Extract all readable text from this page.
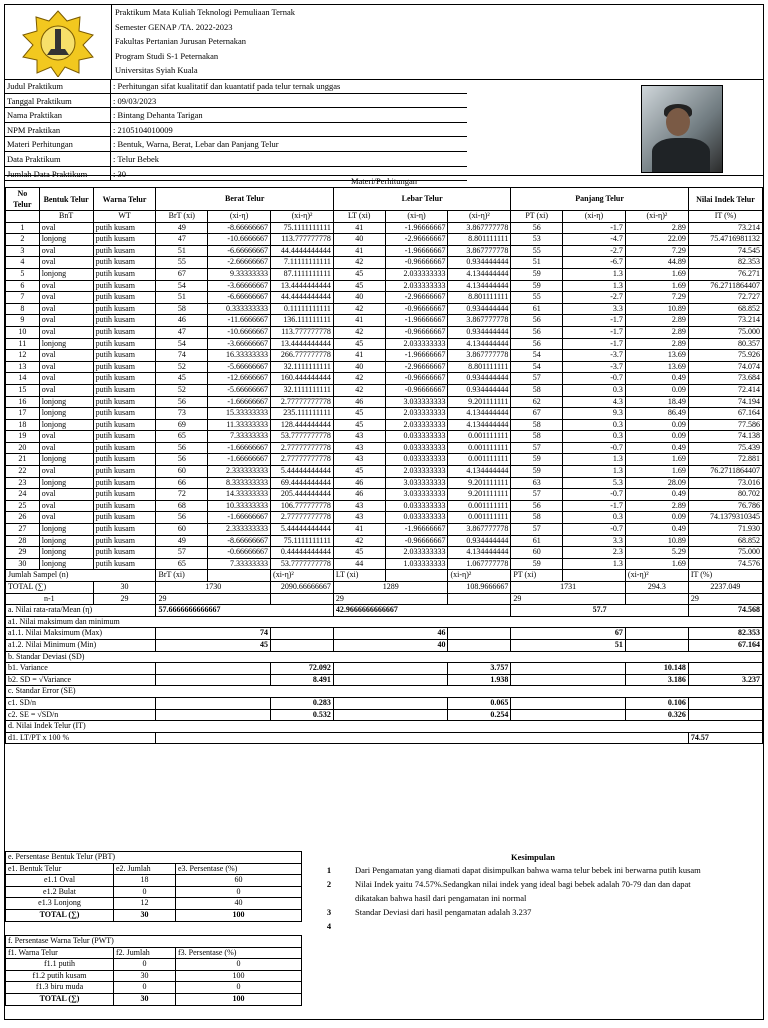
Praktikum Mata Kuliah Teknologi Pemuliaan Ternak
Semester GENAP /TA. 2022-2023
Fakultas Pertanian Jurusan Peternakan
Program Studi S-1 Peternakan
Universitas Syiah Kuala
Judul Praktikum	: Perhitungan sifat kualitatif dan kuantatif pada telur ternak unggas
Tanggal Praktikum	: 09/03/2023
Nama Praktikan	: Bintang Dehanta Tarigan
NPM Praktikan	: 2105104010009
Materi Perhitungan	: Bentuk, Warna, Berat, Lebar dan Panjang Telur
Data Praktikum	: Telur Bebek
Jumlah Data Praktikum	: 30
Materi/Perhitungan
No Telur	Bentuk Telur	Warna Telur	Berat Telur			Lebar Telur			Panjang Telur			Nilai Indek Telur

	BnT	WT	BrT (xi)	(xi-η)	(xi-η)²	LT (xi)	(xi-η)	(xi-η)²	PT (xi)	(xi-η)	(xi-η)²	IT (%)
1	oval	putih kusam	49	-8.66666667	75.1111111111	41	-1.96666667	3.867777778	56	-1.7	2.89	73.214
2	lonjong	putih kusam	47	-10.6666667	113.777777778	40	-2.96666667	8.801111111	53	-4.7	22.09	75.4716981132
3	oval	putih kusam	51	-6.66666667	44.4444444444	41	-1.96666667	3.867777778	55	-2.7	7.29	74.545
4	oval	putih kusam	55	-2.66666667	7.11111111111	42	-0.96666667	0.934444444	51	-6.7	44.89	82.353
5	lonjong	putih kusam	67	9.33333333	87.1111111111	45	2.033333333	4.134444444	59	1.3	1.69	76.271
6	oval	putih kusam	54	-3.66666667	13.4444444444	45	2.033333333	4.134444444	59	1.3	1.69	76.2711864407
7	oval	putih kusam	51	-6.66666667	44.4444444444	40	-2.96666667	8.801111111	55	-2.7	7.29	72.727
8	oval	putih kusam	58	0.333333333	0.11111111111	42	-0.96666667	0.934444444	61	3.3	10.89	68.852
9	oval	putih kusam	46	-11.6666667	136.111111111	41	-1.96666667	3.867777778	56	-1.7	2.89	73.214
10	oval	putih kusam	47	-10.6666667	113.777777778	42	-0.96666667	0.934444444	56	-1.7	2.89	75.000
11	lonjong	putih kusam	54	-3.66666667	13.4444444444	45	2.033333333	4.134444444	56	-1.7	2.89	80.357
12	oval	putih kusam	74	16.33333333	266.777777778	41	-1.96666667	3.867777778	54	-3.7	13.69	75.926
13	oval	putih kusam	52	-5.66666667	32.1111111111	40	-2.96666667	8.801111111	54	-3.7	13.69	74.074
14	oval	putih kusam	45	-12.6666667	160.444444444	42	-0.96666667	0.934444444	57	-0.7	0.49	73.684
15	oval	putih kusam	52	-5.66666667	32.1111111111	42	-0.96666667	0.934444444	58	0.3	0.09	72.414
16	lonjong	putih kusam	56	-1.66666667	2.77777777778	46	3.033333333	9.201111111	62	4.3	18.49	74.194
17	lonjong	putih kusam	73	15.33333333	235.111111111	45	2.033333333	4.134444444	67	9.3	86.49	67.164
18	lonjong	putih kusam	69	11.33333333	128.444444444	45	2.033333333	4.134444444	58	0.3	0.09	77.586
19	oval	putih kusam	65	7.33333333	53.7777777778	43	0.033333333	0.001111111	58	0.3	0.09	74.138
20	oval	putih kusam	56	-1.66666667	2.77777777778	43	0.033333333	0.001111111	57	-0.7	0.49	75.439
21	lonjong	putih kusam	56	-1.66666667	2.77777777778	43	0.033333333	0.001111111	59	1.3	1.69	72.881
22	oval	putih kusam	60	2.333333333	5.44444444444	45	2.033333333	4.134444444	59	1.3	1.69	76.2711864407
23	lonjong	putih kusam	66	8.333333333	69.4444444444	46	3.033333333	9.201111111	63	5.3	28.09	73.016
24	oval	putih kusam	72	14.33333333	205.444444444	46	3.033333333	9.201111111	57	-0.7	0.49	80.702
25	oval	putih kusam	68	10.33333333	106.777777778	43	0.033333333	0.001111111	56	-1.7	2.89	76.786
26	oval	putih kusam	56	-1.66666667	2.77777777778	43	0.033333333	0.001111111	58	0.3	0.09	74.1379310345
27	lonjong	putih kusam	60	2.333333333	5.44444444444	41	-1.96666667	3.867777778	57	-0.7	0.49	71.930
28	lonjong	putih kusam	49	-8.66666667	75.1111111111	42	-0.96666667	0.934444444	61	3.3	10.89	68.852
29	lonjong	putih kusam	57	-0.66666667	0.44444444444	45	2.033333333	4.134444444	60	2.3	5.29	75.000
30	lonjong	putih kusam	65	7.33333333	53.7777777778	44	1.033333333	1.067777778	59	1.3	1.69	74.576
Jumlah Sampel (n)			BrT (xi)		(xi-η)²	LT (xi)		(xi-η)²	PT (xi)		(xi-η)²	IT (%)
TOTAL (∑)		30	1730		2090.66666667	1289		108.9666667	1731		294.3	2237.049
n-1		29	29			29			29			29
a. Nilai rata-rata/Mean (η)			57.6666666666667			42.9666666666667			57.7			74.568
a1. Nilai maksimum dan minimum												
a1.1. Nilai Maksimum (Max)			74			46			67			82.353
a1.2. Nilai Minimum (Min)			45			40			51			67.164
b. Standar Deviasi (SD)												
b1. Variance					72.092			3.757			10.148	
b2. SD = √Variance					8.491			1.938			3.186	3.237
c. Standar Error (SE)												
c1. SD/n					0.283			0.065			0.106	
c2. SE = √SD/n					0.532			0.254			0.326	
d. Nilai Indek Telur (IT)												
d1. LT/PT x 100 %												74.57
Kesimpulan
1	Dari Pengamatan yang diamati dapat disimpulkan bahwa warna telur bebek ini berwarna putih kusam
2	Nilai Indek yaitu 74.57%.Sedangkan nilai indek yang ideal bagi bebek adalah 70-79 dan dan dapat dikatakan bahwa hasil dari pengamatan ini normal
3	Standar Deviasi dari hasil pengamatan adalah 3.237
4
e. Persentase Bentuk Telur (PBT)		
e1. Bentuk Telur	e2. Jumlah	e3. Persentase (%)
e1.1 Oval	18	60
e1.2 Bulat	0	0
e1.3 Lonjong	12	40
TOTAL (∑)	30	100
f. Persentase Warna Telur (PWT)		
f1. Warna Telur	f2. Jumlah	f3. Persentase (%)
f1.1 putih	0	0
f1.2 putih kusam	30	100
f1.3 biru muda	0	0
TOTAL (∑)	30	100
